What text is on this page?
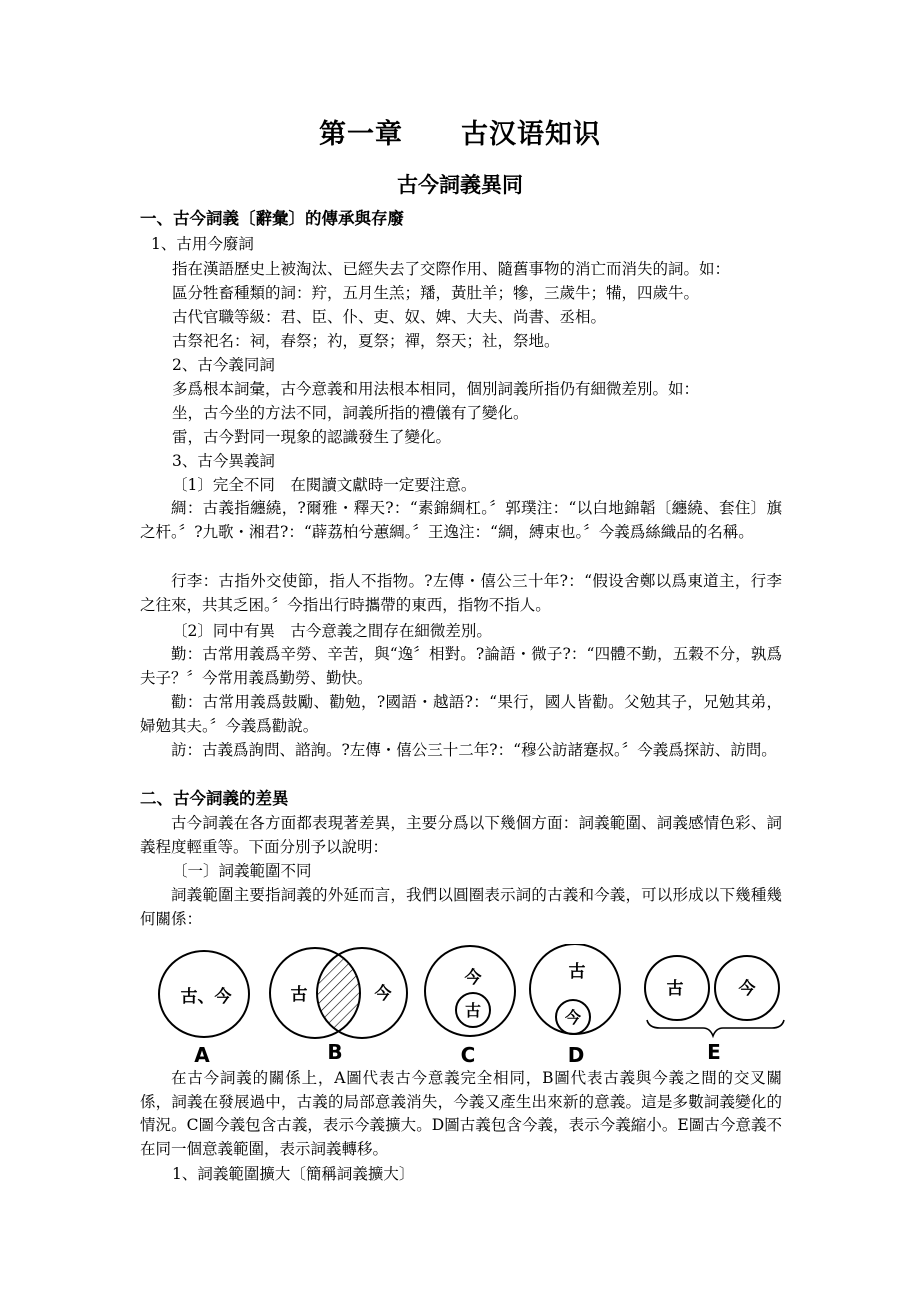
第一章 古汉语知识
古今詞義異同
一、古今詞義〔辭彙〕的傳承與存廢
1、古用今廢詞
指在漢語歷史上被淘汰、已經失去了交際作用、隨舊事物的消亡而消失的詞。如：
區分牲畜種類的詞：羜，五月生羔；羳，黃肚羊；犙，三歲牛；犕，四歲牛。
古代官職等級：君、臣、仆、吏、奴、婢、大夫、尚書、丞相。
古祭祀名：祠，春祭；礿，夏祭；禪，祭天；社，祭地。
2、古今義同詞
多爲根本詞彙，古今意義和用法根本相同，個別詞義所指仍有細微差別。如：
坐，古今坐的方法不同，詞義所指的禮儀有了變化。
雷，古今對同一現象的認識發生了變化。
3、古今異義詞
〔1〕完全不同　在閱讀文獻時一定要注意。
綢：古義指纏繞，?爾雅・釋天?：“素錦綢杠。〞郭璞注：“以白地錦韜〔纏繞、套住〕旗之杆。〞?九歌・湘君?：“薜荔柏兮蕙綢。〞王逸注：“綢，縛束也。〞今義爲絲織品的名稱。
行李：古指外交使節，指人不指物。?左傳・僖公三十年?：“假设舍鄭以爲東道主，行李之往來，共其乏困。〞今指出行時攜帶的東西，指物不指人。
〔2〕同中有異　古今意義之間存在細微差別。
勤：古常用義爲辛勞、辛苦，與“逸〞相對。?論語・微子?：“四體不勤，五穀不分，孰爲夫子？〞今常用義爲勤勞、勤快。
勸：古常用義爲鼓勵、勸勉，?國語・越語?：“果行，國人皆勸。父勉其子，兄勉其弟，婦勉其夫。〞今義爲勸說。
訪：古義爲詢問、諮詢。?左傳・僖公三十二年?：“穆公訪諸蹇叔。〞今義爲探訪、訪問。
二、古今詞義的差異
古今詞義在各方面都表現著差異，主要分爲以下幾個方面：詞義範圍、詞義感情色彩、詞義程度輕重等。下面分別予以說明：
〔一〕詞義範圍不同
詞義範圍主要指詞義的外延而言，我們以圓圈表示詞的古義和今義，可以形成以下幾種幾何關係：
古、今
A
古	今
B
今
古
C
古
今
D
古	今
E
在古今詞義的關係上，A圖代表古今意義完全相同，B圖代表古義與今義之間的交叉關係，詞義在發展過中，古義的局部意義消失，今義又產生出來新的意義。這是多數詞義變化的情況。C圖今義包含古義，表示今義擴大。D圖古義包含今義，表示今義縮小。E圖古今意義不在同一個意義範圍，表示詞義轉移。
1、詞義範圍擴大〔簡稱詞義擴大〕
